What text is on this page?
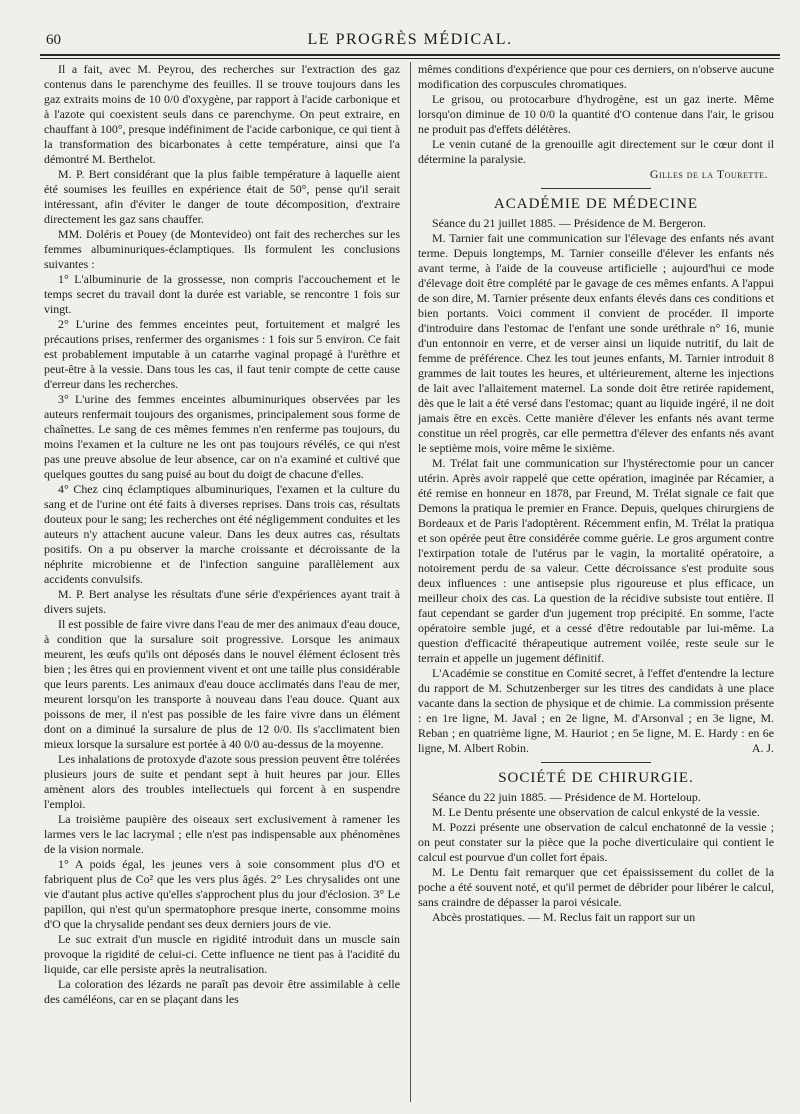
60	LE PROGRÈS MÉDICAL.

Il a fait, avec M. Peyrou, des recherches sur l'extraction des gaz contenus dans le parenchyme des feuilles. Il se trouve toujours dans les gaz extraits moins de 10 0/0 d'oxygène, par rapport à l'acide carbonique et à l'azote qui coexistent seuls dans ce parenchyme. On peut extraire, en chauffant à 100°, presque indéfiniment de l'acide carbonique, ce qui tient à la transformation des bicarbonates à cette température, ainsi que l'a démontré M. Berthelot.

M. P. Bert considérant que la plus faible température à laquelle aient été soumises les feuilles en expérience était de 50°, pense qu'il serait intéressant, afin d'éviter le danger de toute décomposition, d'extraire directement les gaz sans chauffer.

MM. Doléris et Pouey (de Montevideo) ont fait des recherches sur les femmes albuminuriques-éclamptiques. Ils formulent les conclusions suivantes :

1° L'albuminurie de la grossesse, non compris l'accouchement et le temps secret du travail dont la durée est variable, se rencontre 1 fois sur vingt.

2° L'urine des femmes enceintes peut, fortuitement et malgré les précautions prises, renfermer des organismes : 1 fois sur 5 environ. Ce fait est probablement imputable à un catarrhe vaginal propagé à l'urèthre et peut-être à la vessie. Dans tous les cas, il faut tenir compte de cette cause d'erreur dans les recherches.

3° L'urine des femmes enceintes albuminuriques observées par les auteurs renfermait toujours des organismes, principalement sous forme de chaînettes. Le sang de ces mêmes femmes n'en renferme pas toujours, du moins l'examen et la culture ne les ont pas toujours révélés, ce qui n'est pas une preuve absolue de leur absence, car on n'a examiné et cultivé que quelques gouttes du sang puisé au bout du doigt de chacune d'elles.

4° Chez cinq éclamptiques albuminuriques, l'examen et la culture du sang et de l'urine ont été faits à diverses reprises. Dans trois cas, résultats douteux pour le sang; les recherches ont été négligemment conduites et les auteurs n'y attachent aucune valeur. Dans les deux autres cas, résultats positifs. On a pu observer la marche croissante et décroissante de la néphrite microbienne et de l'infection sanguine parallèlement aux accidents convulsifs.

M. P. Bert analyse les résultats d'une série d'expériences ayant trait à divers sujets.

Il est possible de faire vivre dans l'eau de mer des animaux d'eau douce, à condition que la sursalure soit progressive. Lorsque les animaux meurent, les œufs qu'ils ont déposés dans le nouvel élément éclosent très bien ; les êtres qui en proviennent vivent et ont une taille plus considérable que leurs parents. Les animaux d'eau douce acclimatés dans l'eau de mer, meurent lorsqu'on les transporte à nouveau dans l'eau douce. Quant aux poissons de mer, il n'est pas possible de les faire vivre dans un élément dont on a diminué la sursalure de plus de 12 0/0. Ils s'acclimatent bien mieux lorsque la sursalure est portée à 40 0/0 au-dessus de la moyenne.

Les inhalations de protoxyde d'azote sous pression peuvent être tolérées plusieurs jours de suite et pendant sept à huit heures par jour. Elles amènent alors des troubles intellectuels qui forcent à en suspendre l'emploi.

La troisième paupière des oiseaux sert exclusivement à ramener les larmes vers le lac lacrymal ; elle n'est pas indispensable aux phénomènes de la vision normale.

1° A poids égal, les jeunes vers à soie consomment plus d'O et fabriquent plus de Co² que les vers plus âgés. 2° Les chrysalides ont une vie d'autant plus active qu'elles s'approchent plus du jour d'éclosion. 3° Le papillon, qui n'est qu'un spermatophore presque inerte, consomme moins d'O que la chrysalide pendant ses deux derniers jours de vie.

Le suc extrait d'un muscle en rigidité introduit dans un muscle sain provoque la rigidité de celui-ci. Cette influence ne tient pas à l'acidité du liquide, car elle persiste après la neutralisation.

La coloration des lézards ne paraît pas devoir être assimilable à celle des caméléons, car en se plaçant dans les

mêmes conditions d'expérience que pour ces derniers, on n'observe aucune modification des corpuscules chromatiques.

Le grisou, ou protocarbure d'hydrogène, est un gaz inerte. Même lorsqu'on diminue de 10 0/0 la quantité d'O contenue dans l'air, le grisou ne produit pas d'effets délétères.

Le venin cutané de la grenouille agit directement sur le cœur dont il détermine la paralysie.

Gilles de la Tourette.
ACADÉMIE DE MÉDECINE

Séance du 21 juillet 1885. — Présidence de M. Bergeron.

M. Tarnier fait une communication sur l'élevage des enfants nés avant terme. Depuis longtemps, M. Tarnier conseille d'élever les enfants nés avant terme, à l'aide de la couveuse artificielle ; aujourd'hui ce mode d'élevage doit être complété par le gavage de ces mêmes enfants. A l'appui de son dire, M. Tarnier présente deux enfants élevés dans ces conditions et bien portants. Voici comment il convient de procéder. Il importe d'introduire dans l'estomac de l'enfant une sonde uréthrale n° 16, munie d'un entonnoir en verre, et de verser ainsi un liquide nutritif, du lait de femme de préférence. Chez les tout jeunes enfants, M. Tarnier introduit 8 grammes de lait toutes les heures, et ultérieurement, alterne les injections de lait avec l'allaitement maternel. La sonde doit être retirée rapidement, dès que le lait a été versé dans l'estomac; quant au liquide ingéré, il ne doit jamais être en excès. Cette manière d'élever les enfants nés avant terme constitue un réel progrès, car elle permettra d'élever des enfants nés avant le septième mois, voire même le sixième.

M. Trélat fait une communication sur l'hystérectomie pour un cancer utérin. Après avoir rappelé que cette opération, imaginée par Récamier, a été remise en honneur en 1878, par Freund, M. Trélat signale ce fait que Demons la pratiqua le premier en France. Depuis, quelques chirurgiens de Bordeaux et de Paris l'adoptèrent. Récemment enfin, M. Trélat la pratiqua et son opérée peut être considérée comme guérie. Le gros argument contre l'extirpation totale de l'utérus par le vagin, la mortalité opératoire, a notoirement perdu de sa valeur. Cette décroissance s'est produite sous deux influences : une antisepsie plus rigoureuse et plus efficace, un meilleur choix des cas. La question de la récidive subsiste tout entière. Il faut cependant se garder d'un jugement trop précipité. En somme, l'acte opératoire semble jugé, et a cessé d'être redoutable par lui-même. La question d'efficacité thérapeutique autrement voilée, reste seule sur le terrain et appelle un jugement définitif.

L'Académie se constitue en Comité secret, à l'effet d'entendre la lecture du rapport de M. Schutzenberger sur les titres des candidats à une place vacante dans la section de physique et de chimie. La commission présente : en 1re ligne, M. Javal ; en 2e ligne, M. d'Arsonval ; en 3e ligne, M. Reban ; en quatrième ligne, M. Hauriot ; en 5e ligne, M. E. Hardy : en 6e ligne, M. Albert Robin.	A. J.

SOCIÉTÉ DE CHIRURGIE.

Séance du 22 juin 1885. — Présidence de M. Horteloup.

M. Le Dentu présente une observation de calcul enkysté de la vessie.

M. Pozzi présente une observation de calcul enchatonné de la vessie ; on peut constater sur la pièce que la poche diverticulaire qui contient le calcul est pourvue d'un collet fort épais.

M. Le Dentu fait remarquer que cet épaississement du collet de la poche a été souvent noté, et qu'il permet de débrider pour libérer le calcul, sans craindre de dépasser la paroi vésicale.

Abcès prostatiques. — M. Reclus fait un rapport sur un
